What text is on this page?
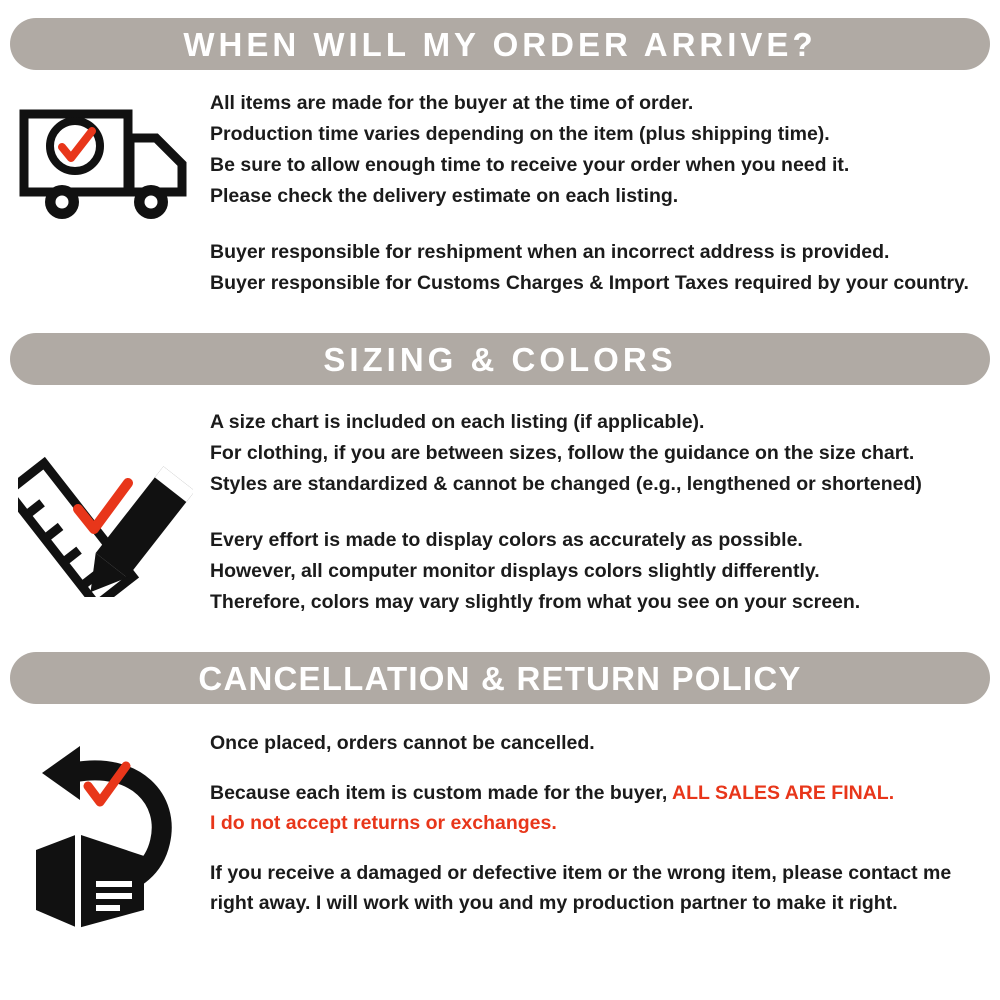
WHEN WILL MY ORDER ARRIVE?
All items are made for the buyer at the time of order.
Production time varies depending on the item (plus shipping time).
Be sure to allow enough time to receive your order when you need it.
Please check the delivery estimate on each listing.
Buyer responsible for reshipment when an incorrect address is provided.
Buyer responsible for Customs Charges & Import Taxes required by your country.
SIZING & COLORS
A size chart is included on each listing (if applicable).
For clothing, if you are between sizes, follow the guidance on the size chart.
Styles are standardized & cannot be changed (e.g., lengthened or shortened)
Every effort is made to display colors as accurately as possible.
However, all computer monitor displays colors slightly differently.
Therefore, colors may vary slightly from what you see on your screen.
CANCELLATION & RETURN POLICY
Once placed, orders cannot be cancelled.
Because each item is custom made for the buyer, ALL SALES ARE FINAL.
I do not accept returns or exchanges.
If you receive a damaged or defective item or the wrong item, please contact me
right away. I will work with you and my production partner to make it right.
